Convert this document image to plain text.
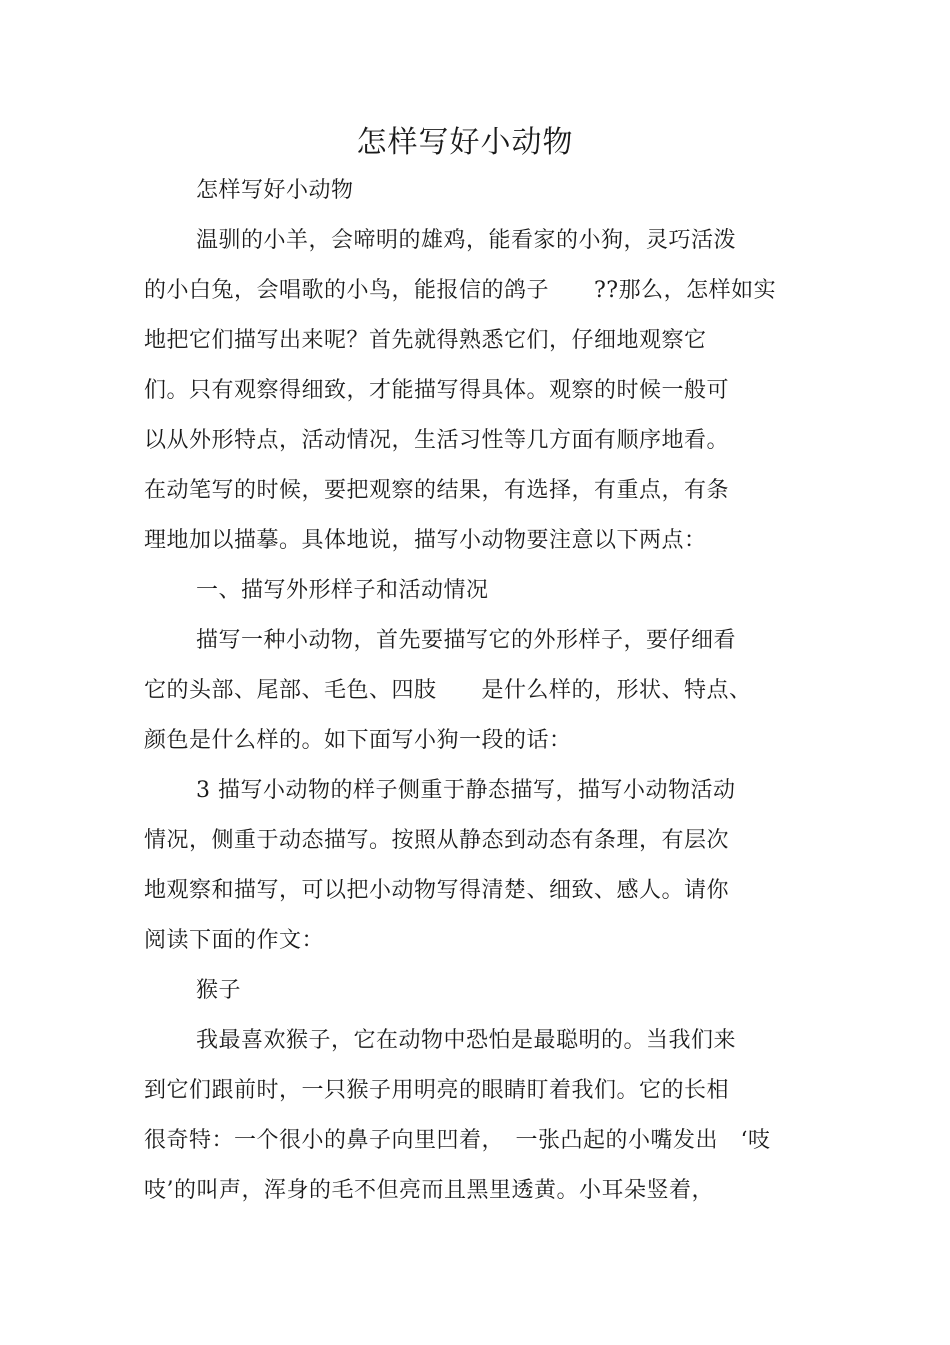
怎样写好小动物
怎样写好小动物
温驯的小羊，会啼明的雄鸡，能看家的小狗，灵巧活泼
的小白兔，会唱歌的小鸟，能报信的鸽子　　??那么，怎样如实
地把它们描写出来呢？首先就得熟悉它们，仔细地观察它
们。只有观察得细致，才能描写得具体。观察的时候一般可
以从外形特点，活动情况，生活习性等几方面有顺序地看。
在动笔写的时候，要把观察的结果，有选择，有重点，有条
理地加以描摹。具体地说，描写小动物要注意以下两点：
一、描写外形样子和活动情况
描写一种小动物，首先要描写它的外形样子，要仔细看
它的头部、尾部、毛色、四肢　　是什么样的，形状、特点、
颜色是什么样的。如下面写小狗一段的话：
3 描写小动物的样子侧重于静态描写，描写小动物活动
情况，侧重于动态描写。按照从静态到动态有条理，有层次
地观察和描写，可以把小动物写得清楚、细致、感人。请你
阅读下面的作文：
猴子
我最喜欢猴子，它在动物中恐怕是最聪明的。当我们来
到它们跟前时，一只猴子用明亮的眼睛盯着我们。它的长相
很奇特：一个很小的鼻子向里凹着，　一张凸起的小嘴发出　‘吱
吱’的叫声，浑身的毛不但亮而且黑里透黄。小耳朵竖着，
